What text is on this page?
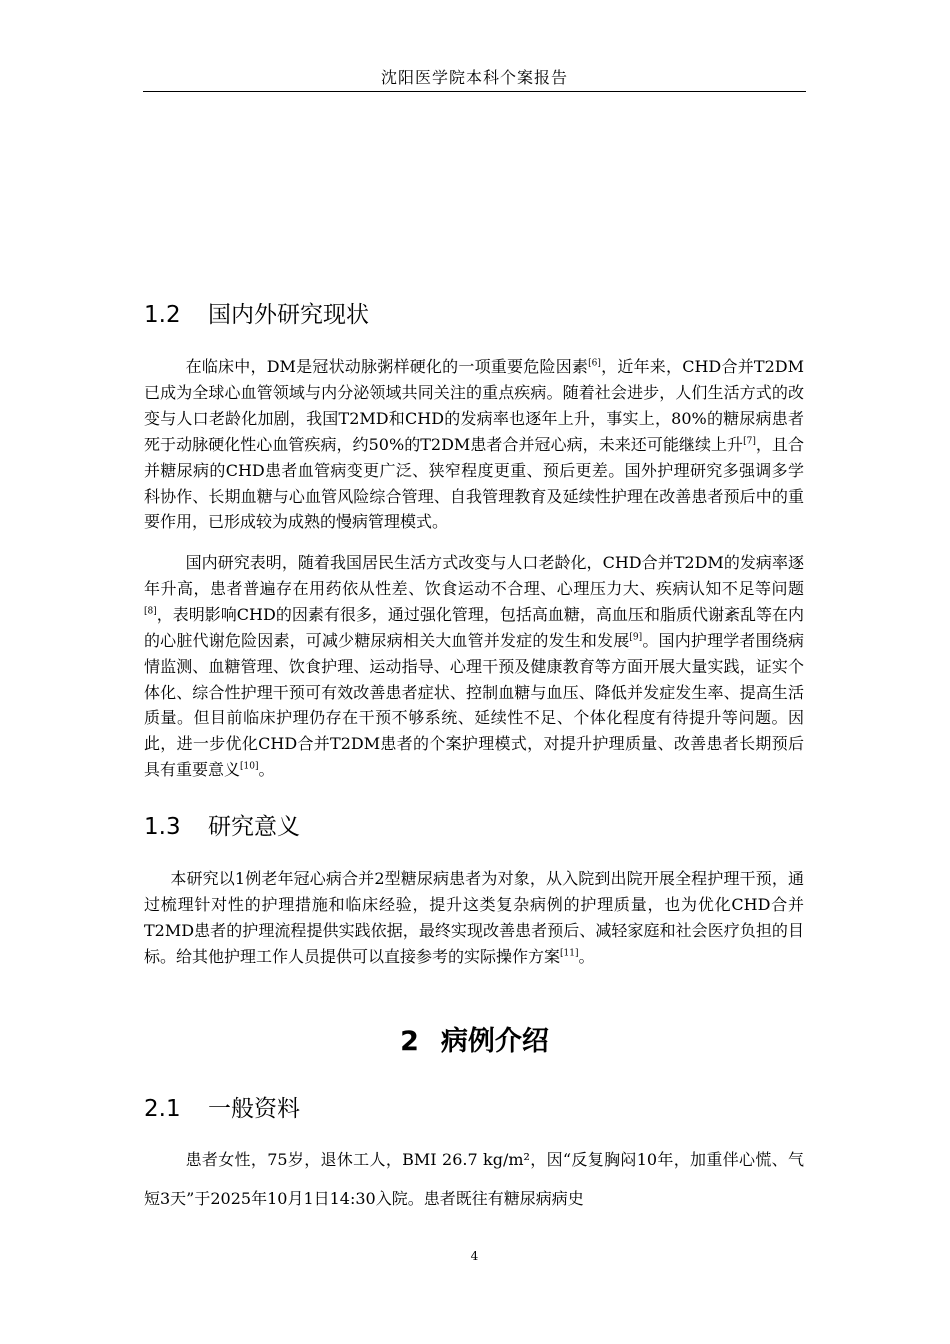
沈阳医学院本科个案报告
1.2 国内外研究现状
在临床中，DM是冠状动脉粥样硬化的一项重要危险因素[6]，近年来，CHD合并T2DM已成为全球心血管领域与内分泌领域共同关注的重点疾病。随着社会进步，人们生活方式的改变与人口老龄化加剧，我国T2MD和CHD的发病率也逐年上升，事实上，80%的糖尿病患者死于动脉硬化性心血管疾病，约50%的T2DM患者合并冠心病，未来还可能继续上升[7]，且合并糖尿病的CHD患者血管病变更广泛、狭窄程度更重、预后更差。国外护理研究多强调多学科协作、长期血糖与心血管风险综合管理、自我管理教育及延续性护理在改善患者预后中的重要作用，已形成较为成熟的慢病管理模式。
国内研究表明，随着我国居民生活方式改变与人口老龄化，CHD合并T2DM的发病率逐年升高，患者普遍存在用药依从性差、饮食运动不合理、心理压力大、疾病认知不足等问题[8]，表明影响CHD的因素有很多，通过强化管理，包括高血糖，高血压和脂质代谢紊乱等在内的心脏代谢危险因素，可减少糖尿病相关大血管并发症的发生和发展[9]。国内护理学者围绕病情监测、血糖管理、饮食护理、运动指导、心理干预及健康教育等方面开展大量实践，证实个体化、综合性护理干预可有效改善患者症状、控制血糖与血压、降低并发症发生率、提高生活质量。但目前临床护理仍存在干预不够系统、延续性不足、个体化程度有待提升等问题。因此，进一步优化CHD合并T2DM患者的个案护理模式，对提升护理质量、改善患者长期预后具有重要意义[10]。
1.3 研究意义
本研究以1例老年冠心病合并2型糖尿病患者为对象，从入院到出院开展全程护理干预，通过梳理针对性的护理措施和临床经验，提升这类复杂病例的护理质量，也为优化CHD合并T2MD患者的护理流程提供实践依据，最终实现改善患者预后、减轻家庭和社会医疗负担的目标。给其他护理工作人员提供可以直接参考的实际操作方案[11]。
2 病例介绍
2.1 一般资料
患者女性，75岁，退休工人，BMI 26.7 kg/m²，因“反复胸闷10年，加重伴心慌、气短3天”于2025年10月1日14:30入院。患者既往有糖尿病病史
4
